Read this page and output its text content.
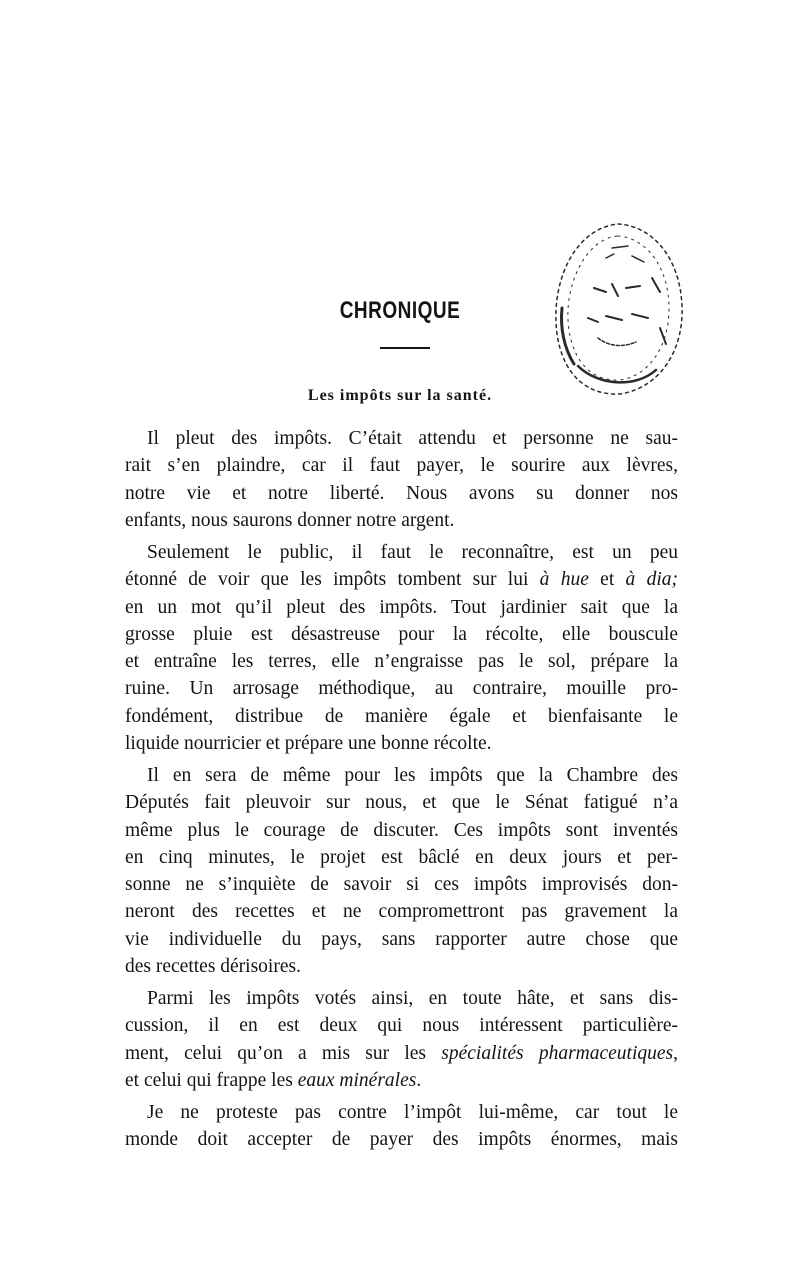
CHRONIQUE
Les impôts sur la santé.

Il pleut des impôts. C’était attendu et personne ne sau-
rait s’en plaindre, car il faut payer, le sourire aux lèvres,
notre vie et notre liberté. Nous avons su donner nos
enfants, nous saurons donner notre argent.

Seulement le public, il faut le reconnaître, est un peu
étonné de voir que les impôts tombent sur lui à hue et à dia;
en un mot qu’il pleut des impôts. Tout jardinier sait que la
grosse pluie est désastreuse pour la récolte, elle bouscule
et entraîne les terres, elle n’engraisse pas le sol, prépare la
ruine. Un arrosage méthodique, au contraire, mouille pro-
fondément, distribue de manière égale et bienfaisante le
liquide nourricier et prépare une bonne récolte.

Il en sera de même pour les impôts que la Chambre des
Députés fait pleuvoir sur nous, et que le Sénat fatigué n’a
même plus le courage de discuter. Ces impôts sont inventés
en cinq minutes, le projet est bâclé en deux jours et per-
sonne ne s’inquiète de savoir si ces impôts improvisés don-
neront des recettes et ne compromettront pas gravement la
vie individuelle du pays, sans rapporter autre chose que
des recettes dérisoires.

Parmi les impôts votés ainsi, en toute hâte, et sans dis-
cussion, il en est deux qui nous intéressent particulière-
ment, celui qu’on a mis sur les spécialités pharmaceutiques,
et celui qui frappe les eaux minérales.

Je ne proteste pas contre l’impôt lui-même, car tout le
monde doit accepter de payer des impôts énormes, mais
